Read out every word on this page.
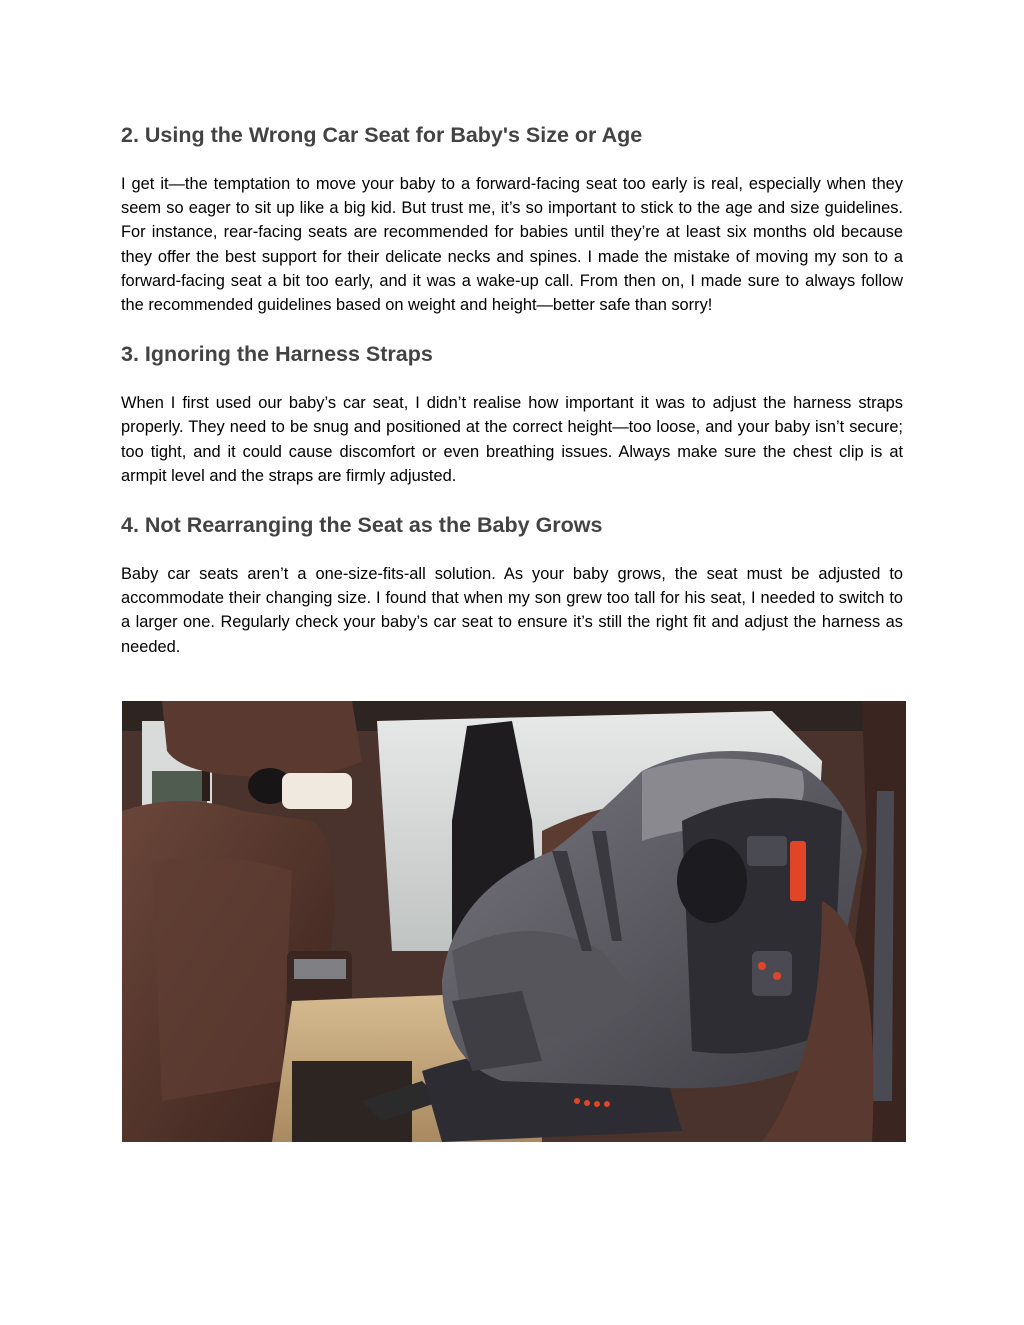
2. Using the Wrong Car Seat for Baby's Size or Age

I get it—the temptation to move your baby to a forward-facing seat too early is real, especially when they seem so eager to sit up like a big kid. But trust me, it’s so important to stick to the age and size guidelines. For instance, rear-facing seats are recommended for babies until they’re at least six months old because they offer the best support for their delicate necks and spines. I made the mistake of moving my son to a forward-facing seat a bit too early, and it was a wake-up call. From then on, I made sure to always follow the recommended guidelines based on weight and height—better safe than sorry!

3. Ignoring the Harness Straps

When I first used our baby’s car seat, I didn’t realise how important it was to adjust the harness straps properly. They need to be snug and positioned at the correct height—too loose, and your baby isn’t secure; too tight, and it could cause discomfort or even breathing issues. Always make sure the chest clip is at armpit level and the straps are firmly adjusted.

4. Not Rearranging the Seat as the Baby Grows

Baby car seats aren’t a one-size-fits-all solution. As your baby grows, the seat must be adjusted to accommodate their changing size. I found that when my son grew too tall for his seat, I needed to switch to a larger one. Regularly check your baby’s car seat to ensure it’s still the right fit and adjust the harness as needed.
